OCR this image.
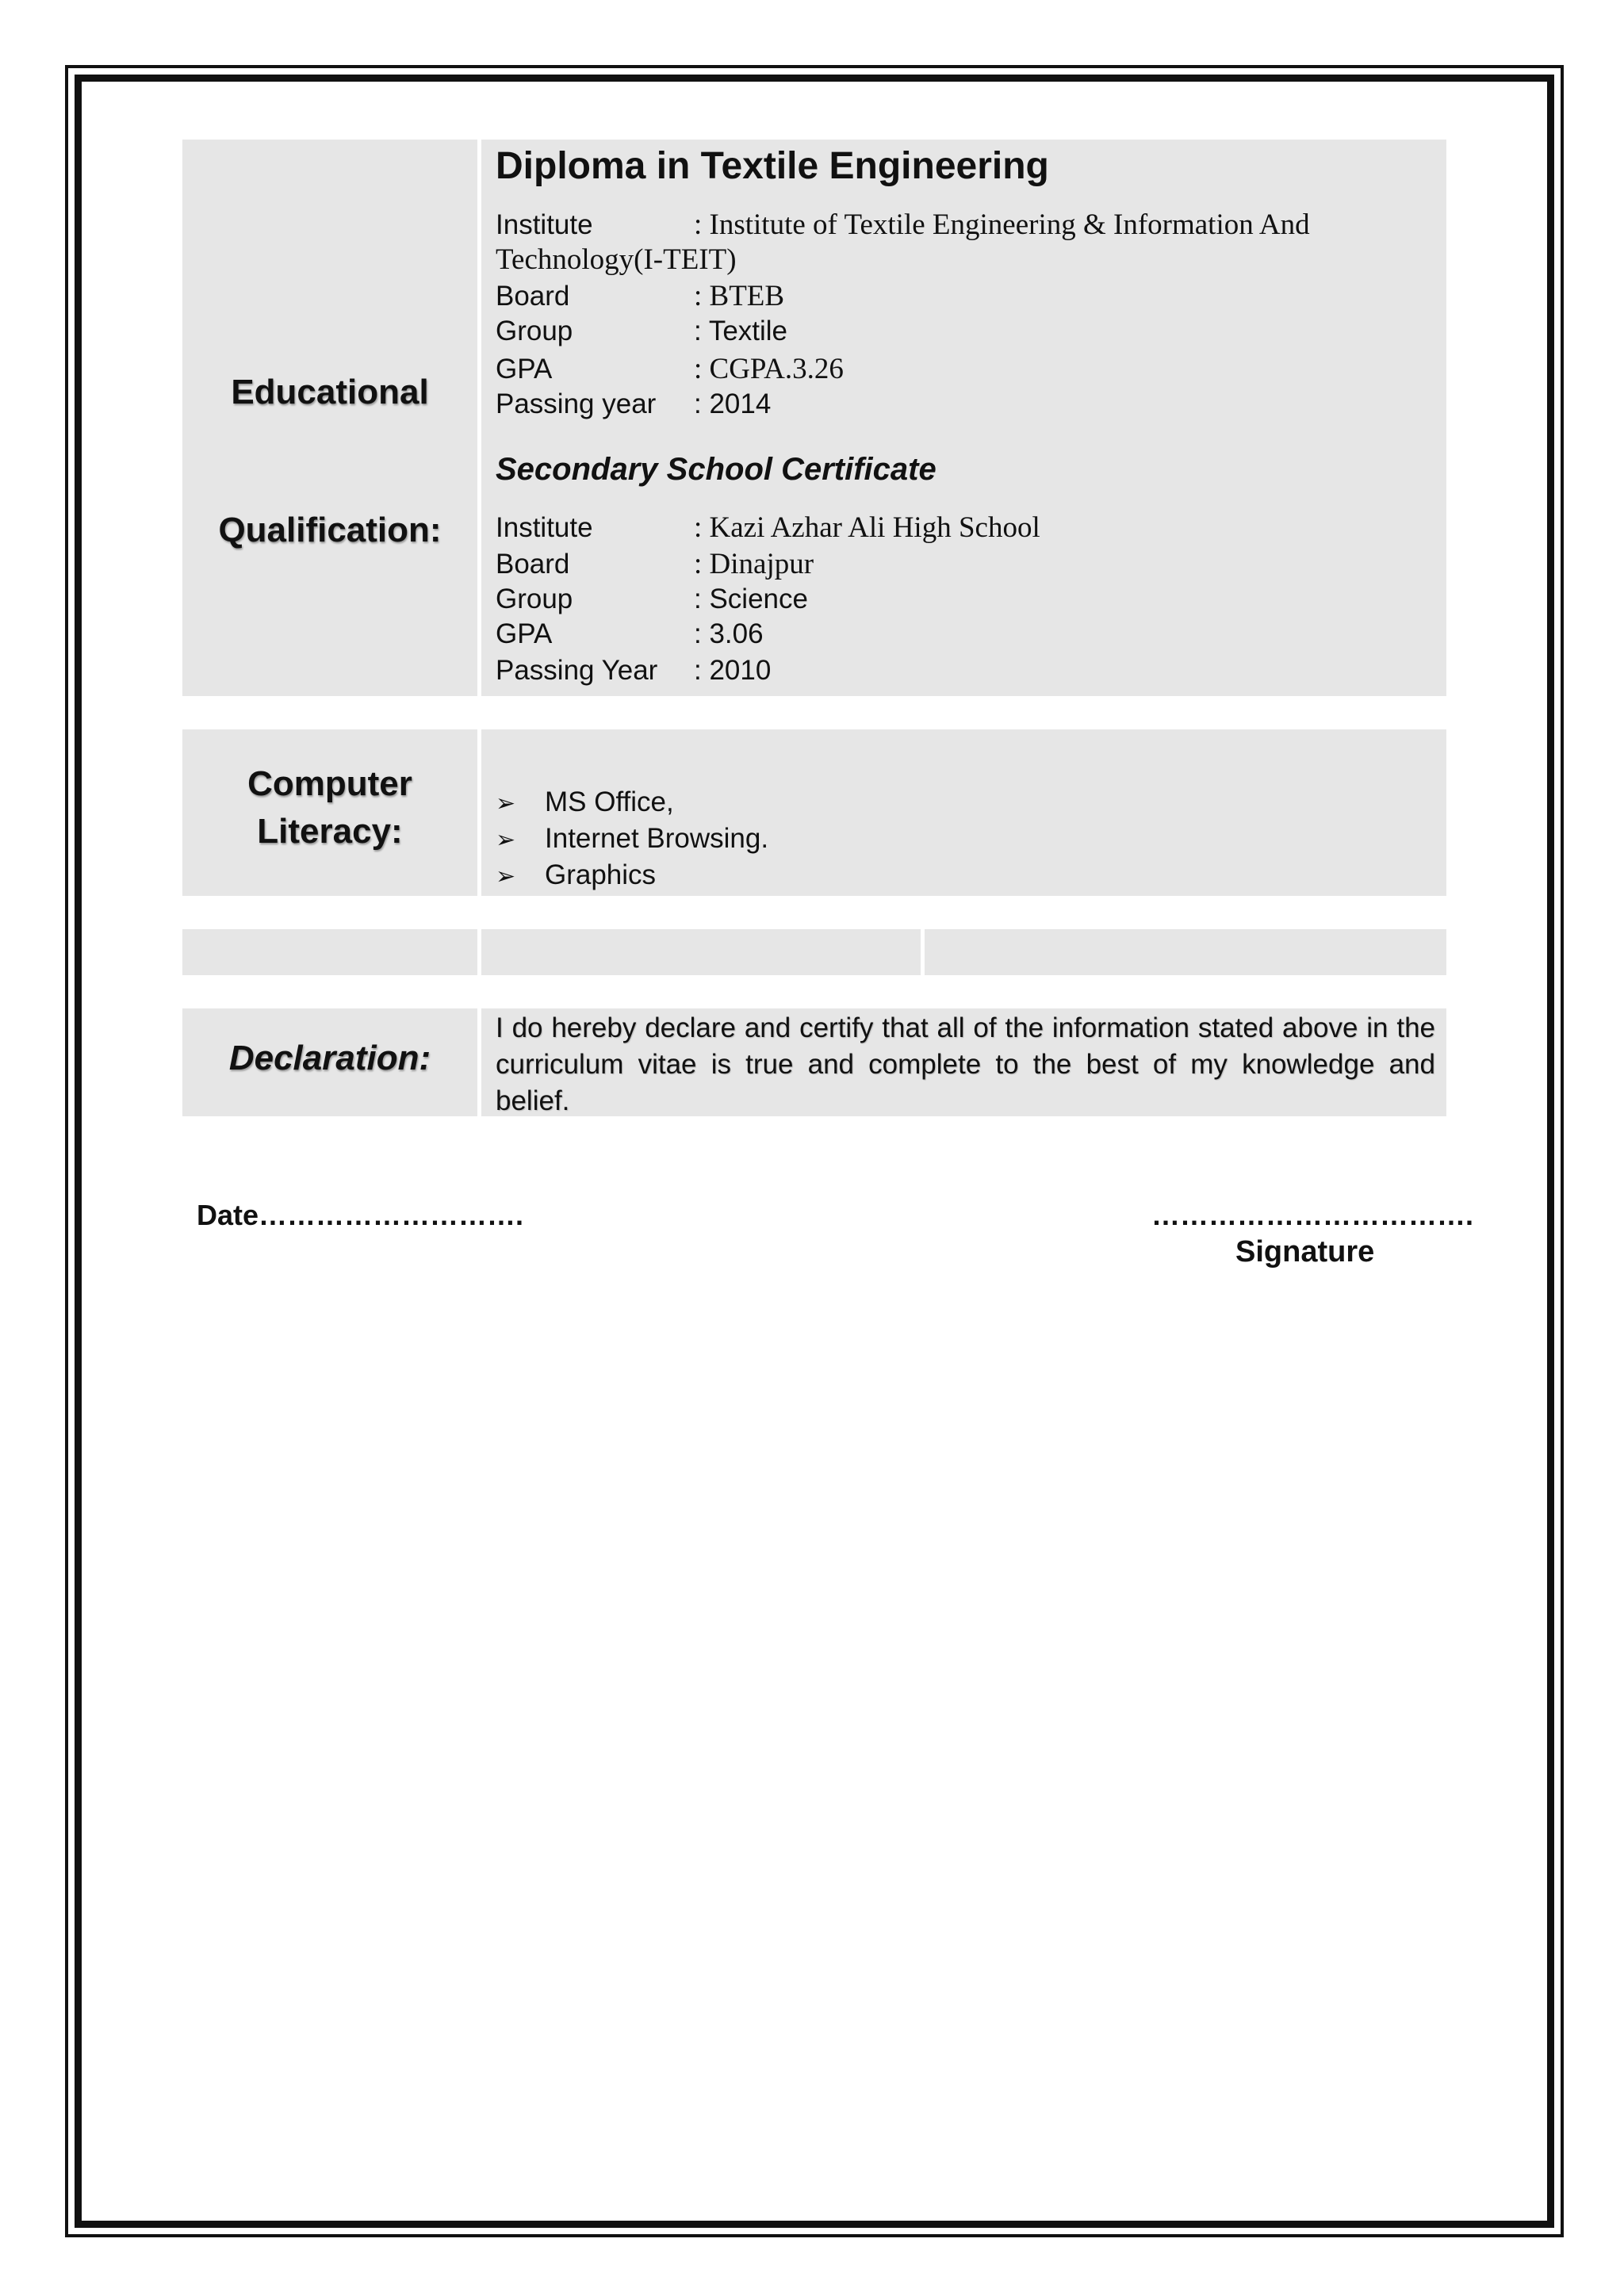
Educational
Qualification:
Diploma in Textile Engineering
Institute	: Institute of Textile Engineering & Information And
Technology(I-TEIT)
Board	: BTEB
Group	: Textile
GPA	: CGPA.3.26
Passing year : 2014
Secondary School Certificate
Institute	: Kazi Azhar Ali High School
Board	: Dinajpur
Group	: Science
GPA	: 3.06
Passing Year : 2010
Computer
Literacy:
➢ MS Office,
➢ Internet Browsing.
➢ Graphics
Declaration:
I do hereby declare and certify that all of the information stated above in the curriculum vitae is true and complete to the best of my knowledge and belief.
Date……………………….	…………………………….
Signature
